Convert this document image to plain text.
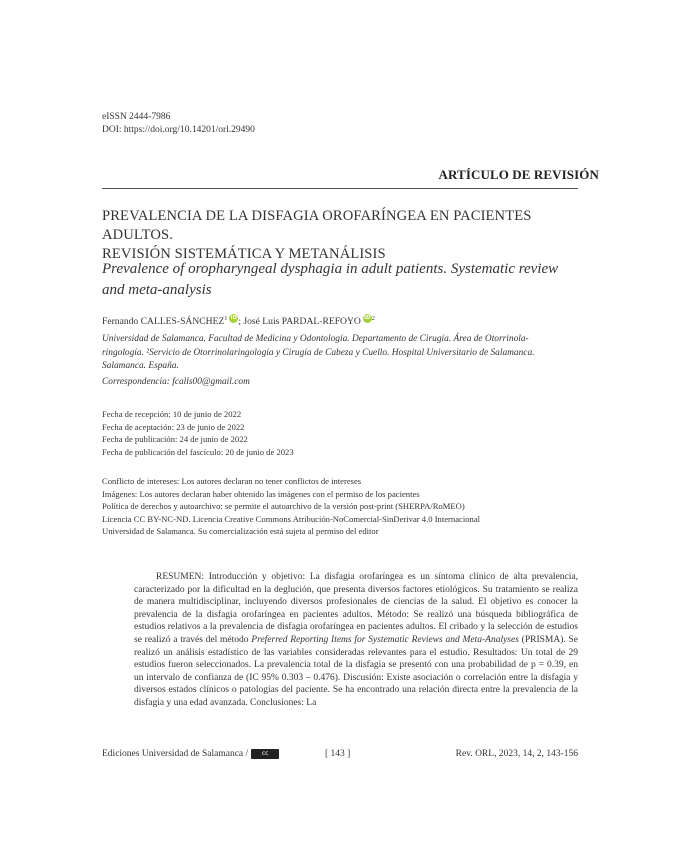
eISSN 2444-7986
DOI: https://doi.org/10.14201/orl.29490
ARTÍCULO DE REVISIÓN
PREVALENCIA DE LA DISFAGIA OROFARÍNGEA EN PACIENTES ADULTOS.
REVISIÓN SISTEMÁTICA Y METANÁLISIS
Prevalence of oropharyngeal dysphagia in adult patients. Systematic review
and meta-analysis
Fernando CALLES-SÁNCHEZ$^1$ iD; José Luis PARDAL-REFOYO $iD^2$
Universidad de Salamanca. Facultad de Medicina y Odontología. Departamento de Cirugía. Área de Otorrinola-
ringología. ²Servicio de Otorrinolaringología y Cirugía de Cabeza y Cuello. Hospital Universitario de Salamanca.
Salamanca. España.
Correspondencia: fcalls00@gmail.com
Fecha de recepción: 10 de junio de 2022
Fecha de aceptación: 23 de junio de 2022
Fecha de publicación: 24 de junio de 2022
Fecha de publicación del fascículo: 20 de junio de 2023
Conflicto de intereses: Los autores declaran no tener conflictos de intereses
Imágenes: Los autores declaran haber obtenido las imágenes con el permiso de los pacientes
Política de derechos y autoarchivo: se permite el autoarchivo de la versión post-print (SHERPA/RoMEO)
Licencia CC BY-NC-ND. Licencia Creative Commons Atribución-NoComercial-SinDerivar 4.0 Internacional
Universidad de Salamanca. Su comercialización está sujeta al permiso del editor

RESUMEN: Introducción y objetivo: La disfagia orofaríngea es un síntoma clínico de alta prevalencia, caracterizado por la dificultad en la deglución, que presenta diversos factores etiológicos. Su tratamiento se realiza de manera multidisciplinar, incluyendo diversos profesionales de ciencias de la salud. El objetivo es conocer la prevalencia de la disfagia orofaríngea en pacientes adultos. Método: Se realizó una búsqueda bibliográfica de estudios relativos a la prevalencia de disfagia orofaríngea en pacientes adultos. El cribado y la selección de estudios se realizó a través del método Preferred Reporting Items for Systematic Reviews and Meta-Analyses (PRISMA). Se realizó un análisis estadístico de las variables consideradas relevantes para el estudio. Resultados: Un total de 29 estudios fueron seleccionados. La prevalencia total de la disfagia se presentó con una probabilidad de p = 0.39, en un intervalo de confianza de (IC 95% 0.303 – 0.476). Discusión: Existe asociación o correlación entre la disfagia y diversos estados clínicos o patologías del paciente. Se ha encontrado una relación directa entre la prevalencia de la disfagia y una edad avanzada. Conclusiones: La

Ediciones Universidad de Salamanca / cc	[ 143 ]	Rev. ORL, 2023, 14, 2, 143-156
